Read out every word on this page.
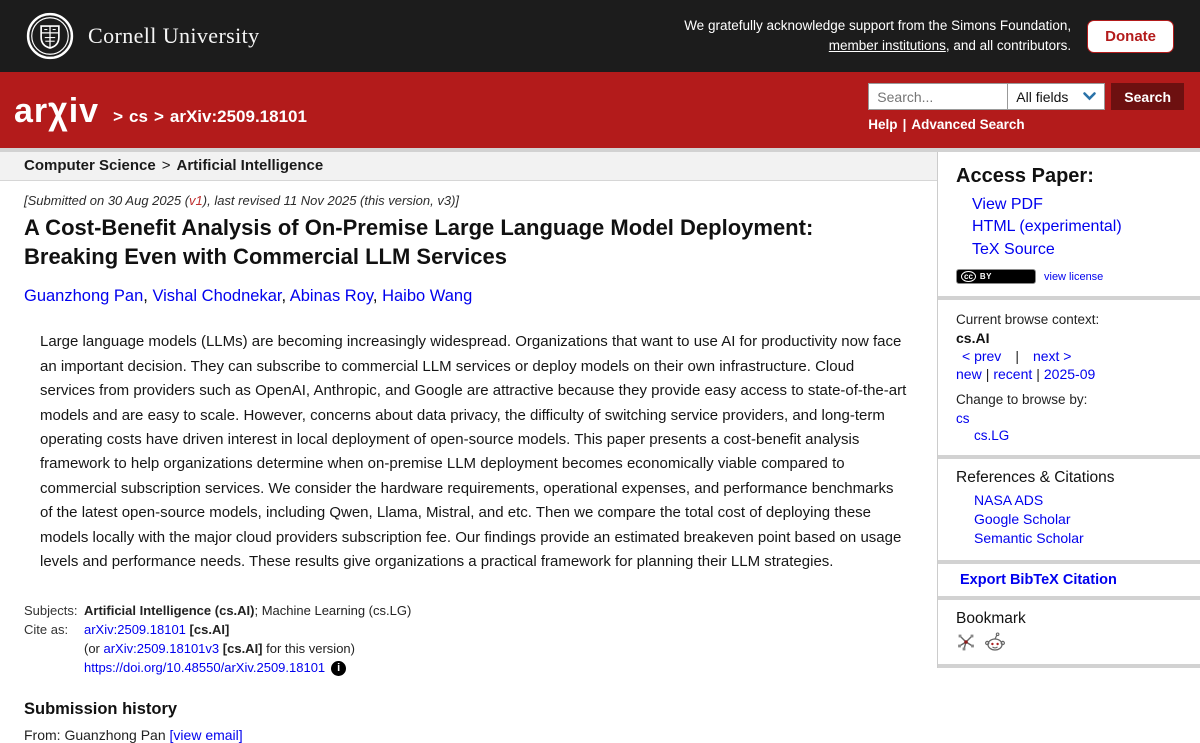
Cornell University	We gratefully acknowledge support from the Simons Foundation,
member institutions, and all contributors.
Donate
arχiv > cs > arXiv:2509.18101
Search...
All fields	Search
Help | Advanced Search
Computer Science > Artificial Intelligence
[Submitted on 30 Aug 2025 (v1), last revised 11 Nov 2025 (this version, v3)]
A Cost-Benefit Analysis of On-Premise Large Language Model Deployment: Breaking Even with Commercial LLM Services
Guanzhong Pan, Vishal Chodnekar, Abinas Roy, Haibo Wang

Large language models (LLMs) are becoming increasingly widespread. Organizations that want to use AI for productivity now face an important decision. They can subscribe to commercial LLM services or deploy models on their own infrastructure. Cloud services from providers such as OpenAI, Anthropic, and Google are attractive because they provide easy access to state-of-the-art models and are easy to scale. However, concerns about data privacy, the difficulty of switching service providers, and long-term operating costs have driven interest in local deployment of open-source models. This paper presents a cost-benefit analysis framework to help organizations determine when on-premise LLM deployment becomes economically viable compared to commercial subscription services. We consider the hardware requirements, operational expenses, and performance benchmarks of the latest open-source models, including Qwen, Llama, Mistral, and etc. Then we compare the total cost of deploying these models locally with the major cloud providers subscription fee. Our findings provide an estimated breakeven point based on usage levels and performance needs. These results give organizations a practical framework for planning their LLM strategies.

Subjects: Artificial Intelligence (cs.AI); Machine Learning (cs.LG)
Cite as:	arXiv:2509.18101 [cs.AI]
(or arXiv:2509.18101v3 [cs.AI] for this version)
https://doi.org/10.48550/arXiv.2509.18101 i
Submission history
From: Guanzhong Pan [view email]
Access Paper:
View PDF
HTML (experimental)
TeX Source
cc BY	view license
Current browse context:
cs.AI
< prev | next >
new | recent | 2025-09
Change to browse by:
cs
cs.LG
References & Citations
NASA ADS
Google Scholar
Semantic Scholar
Export BibTeX Citation
Bookmark
